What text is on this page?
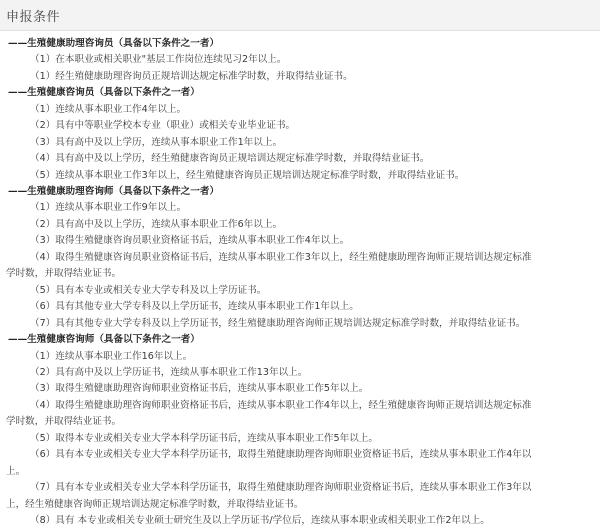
申报条件
——生殖健康助理咨询员（具备以下条件之一者）
（1）在本职业或相关职业"基层工作岗位连续见习2年以上。
（1）经生殖健康助理咨询员正规培训达规定标准学时数，并取得结业证书。
——生殖健康咨询员（具备以下条件之一者）
（1）连续从事本职业工作4年以上。
（2）具有中等职业学校本专业（职业）或相关专业毕业证书。
（3）具有高中及以上学历，连续从事本职业工作1年以上。
（4）具有高中及以上学历，经生殖健康咨询员正规培训达规定标准学时数，并取得结业证书。
（5）连续从事本职业工作3年以上，经生殖健康咨询员正规培训达规定标准学时数，并取得结业证书。
——生殖健康助理咨询师（具备以下条件之一者）
（1）连续从事本职业工作9年以上。
（2）具有高中及以上学历，连续从事本职业工作6年以上。
（3）取得生殖健康咨询员职业资格证书后，连续从事本职业工作4年以上。
（4）取得生殖健康咨询员职业资格证书后，连续从事本职业工作3年以上，经生殖健康助理咨询师正规培训达规定标准
学时数，并取得结业证书。
（5）具有本专业或相关专业大学专科及以上学历证书。
（6）具有其他专业大学专科及以上学历证书，连续从事本职业工作1年以上。
（7）具有其他专业大学专科及以上学历证书，经生殖健康助理咨询师正规培训达规定标准学时数，并取得结业证书。
——生殖健康咨询师（具备以下条件之一者）
（1）连续从事本职业工作16年以上。
（2）具有高中及以上学历证书，连续从事本职业工作13年以上。
（3）取得生殖健康助理咨询师职业资格证书后，连续从事本职业工作5年以上。
（4）取得生殖健康助理咨询师职业资格证书后，连续从事本职业工作4年以上，经生殖健康咨询师正规培训达规定标准
学时数，并取得结业证书。
（5）取得本专业或相关专业大学本科学历证书后，连续从事本职业工作5年以上。
（6）具有本专业或相关专业大学本科学历证书，取得生殖健康助理咨询师职业资格证书后，连续从事本职业工作4年以
上。
（7）具有本专业或相关专业大学本科学历证书，取得生殖健康助理咨询师职业资格证书后，连续从事本职业工作3年以
上，经生殖健康咨询师正规培训达规定标准学时数，并取得结业证书。
（8）具有 本专业或相关专业硕士研究生及以上学历证书/学位后，连续从事本职业或相关职业工作2年以上。
